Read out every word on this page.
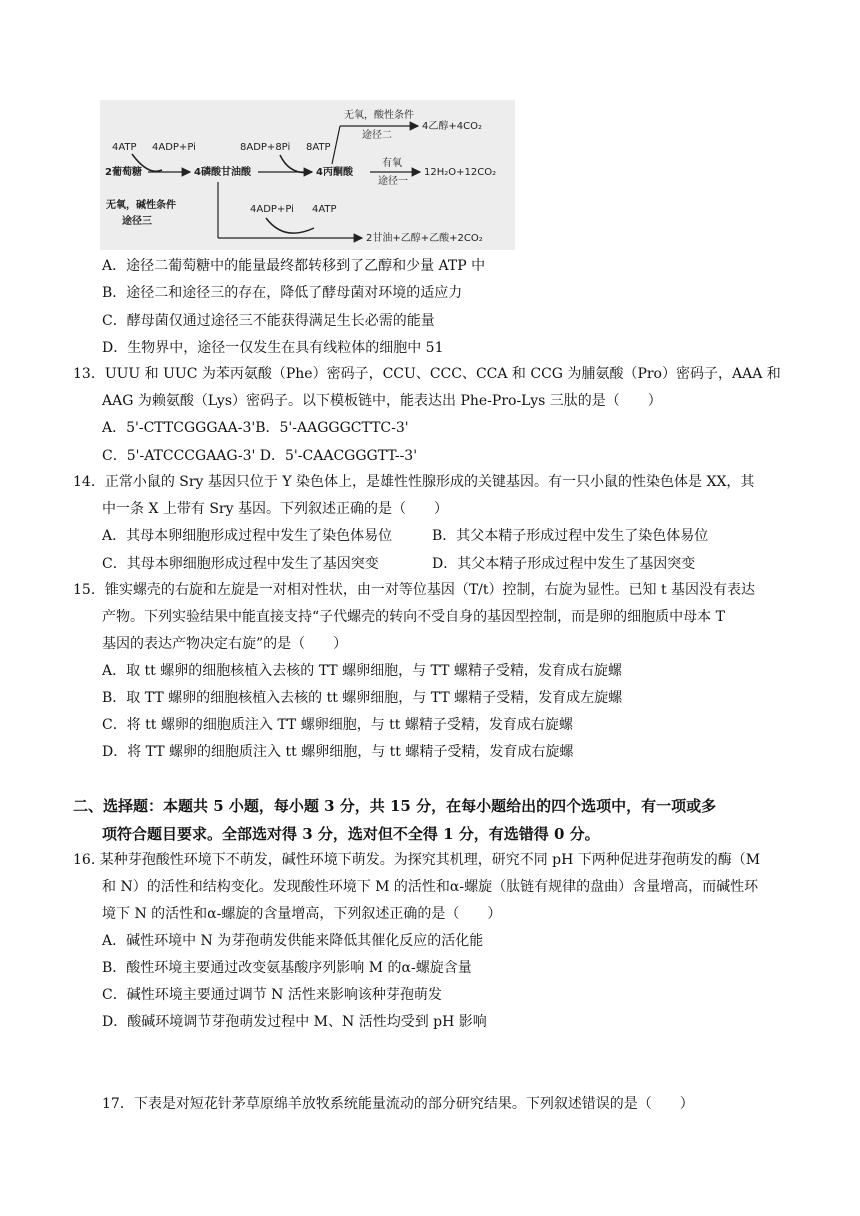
4ATP 4ADP+Pi
2葡萄糖	4磷酸甘油酸
8ADP+8Pi 8ATP
4丙酮酸
无氧，酸性条件
途径二
4乙醇+4CO₂
有氧
途径一
12H₂O+12CO₂
无氧，碱性条件
途径三
4ADP+Pi 4ATP
2甘油+乙醇+乙酸+2CO₂
A．途径二葡萄糖中的能量最终都转移到了乙醇和少量 ATP 中
B．途径二和途径三的存在，降低了酵母菌对环境的适应力
C．酵母菌仅通过途径三不能获得满足生长必需的能量
D．生物界中，途径一仅发生在具有线粒体的细胞中 51
13．UUU 和 UUC 为苯丙氨酸（Phe）密码子，CCU、CCC、CCA 和 CCG 为脯氨酸（Pro）密码子，AAA 和
AAG 为赖氨酸（Lys）密码子。以下模板链中，能表达出 Phe-Pro-Lys 三肽的是（　　）
A．5'-CTTCGGGAA-3'B．5'-AAGGGCTTC-3'
C．5'-ATCCCGAAG-3' D．5'-CAACGGGTT--3'
14．正常小鼠的 Sry 基因只位于 Y 染色体上，是雄性性腺形成的关键基因。有一只小鼠的性染色体是 XX，其
中一条 X 上带有 Sry 基因。下列叙述正确的是（　　）
A．其母本卵细胞形成过程中发生了染色体易位	B．其父本精子形成过程中发生了染色体易位
C．其母本卵细胞形成过程中发生了基因突变	D．其父本精子形成过程中发生了基因突变
15．锥实螺壳的右旋和左旋是一对相对性状，由一对等位基因（T/t）控制，右旋为显性。已知 t 基因没有表达
产物。下列实验结果中能直接支持“子代螺壳的转向不受自身的基因型控制，而是卵的细胞质中母本 T
基因的表达产物决定右旋”的是（　　）
A．取 tt 螺卵的细胞核植入去核的 TT 螺卵细胞，与 TT 螺精子受精，发育成右旋螺
B．取 TT 螺卵的细胞核植入去核的 tt 螺卵细胞，与 TT 螺精子受精，发育成左旋螺
C．将 tt 螺卵的细胞质注入 TT 螺卵细胞，与 tt 螺精子受精，发育成右旋螺
D．将 TT 螺卵的细胞质注入 tt 螺卵细胞，与 tt 螺精子受精，发育成右旋螺
二、选择题：本题共 5 小题，每小题 3 分，共 15 分，在每小题给出的四个选项中，有一项或多
项符合题目要求。全部选对得 3 分，选对但不全得 1 分，有选错得 0 分。
16. 某种芽孢酸性环境下不萌发，碱性环境下萌发。为探究其机理，研究不同 pH 下两种促进芽孢萌发的酶（M
和 N）的活性和结构变化。发现酸性环境下 M 的活性和α-螺旋（肽链有规律的盘曲）含量增高，而碱性环
境下 N 的活性和α-螺旋的含量增高，下列叙述正确的是（　　）
A．碱性环境中 N 为芽孢萌发供能来降低其催化反应的活化能
B．酸性环境主要通过改变氨基酸序列影响 M 的α-螺旋含量
C．碱性环境主要通过调节 N 活性来影响该种芽孢萌发
D．酸碱环境调节芽孢萌发过程中 M、N 活性均受到 pH 影响
17．下表是对短花针茅草原绵羊放牧系统能量流动的部分研究结果。下列叙述错误的是（　　）
